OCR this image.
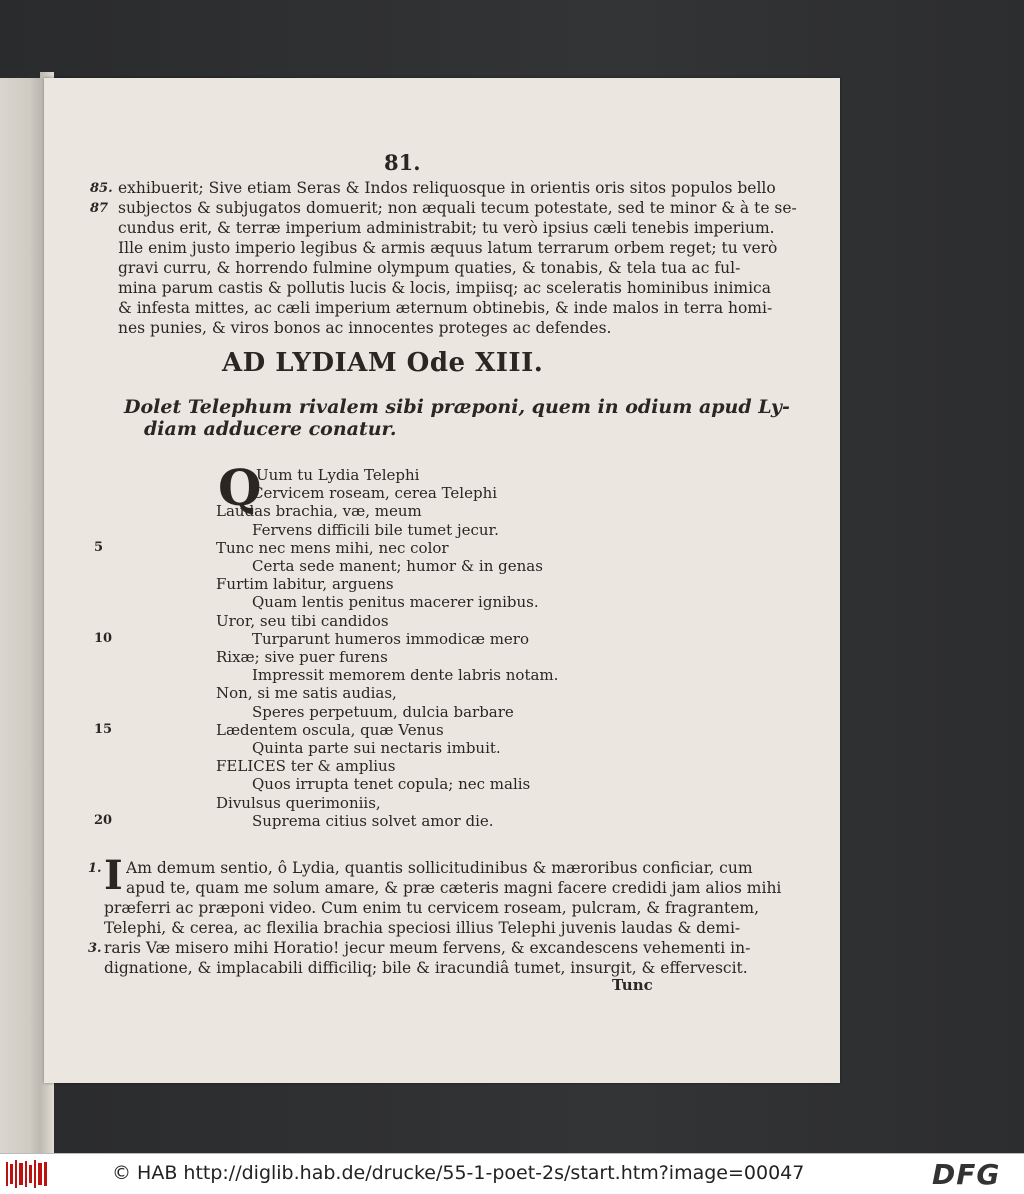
81.
85. exhibuerit; Sive etiam Seras & Indos reliquosque in orientis oris sitos populos bello
87 subjectos & subjugatos domuerit; non æquali tecum potestate, sed te minor & à te se-
cundus erit, & terræ imperium administrabit; tu verò ipsius cæli tenebis imperium.
Ille enim justo imperio legibus & armis æquus latum terrarum orbem reget; tu verò
gravi curru, & horrendo fulmine olympum quaties, & tonabis, & tela tua ac ful-
mina parum castis & pollutis lucis & locis, impiisq; ac sceleratis hominibus inimica
& infesta mittes, ac cæli imperium æternum obtinebis, & inde malos in terra homi-
nes punies, & viros bonos ac innocentes proteges ac defendes.
AD LYDIAM Ode XIII.
Dolet Telephum rivalem sibi præponi, quem in odium apud Ly-
diam adducere conatur.
Q
Uum tu Lydia Telephi
Cervicem roseam, cerea Telephi
Laudas brachia, væ, meum
Fervens difficili bile tumet jecur.
5	Tunc nec mens mihi, nec color
Certa sede manent; humor & in genas
Furtim labitur, arguens
Quam lentis penitus macerer ignibus.
Uror, seu tibi candidos
10	Turparunt humeros immodicæ mero
Rixæ; sive puer furens
Impressit memorem dente labris notam.
Non, si me satis audias,
Speres perpetuum, dulcia barbare
15	Lædentem oscula, quæ Venus
Quinta parte sui nectaris imbuit.
FELICES ter & amplius
Quos irrupta tenet copula; nec malis
Divulsus querimoniis,
20	Suprema citius solvet amor die.
I
1. Am demum sentio, ô Lydia, quantis sollicitudinibus & mæroribus conficiar, cum
apud te, quam me solum amare, & præ cæteris magni facere credidi jam alios mihi
præferri ac præponi video. Cum enim tu cervicem roseam, pulcram, & fragrantem,
Telephi, & cerea, ac flexilia brachia speciosi illius Telephi juvenis laudas & demi-
3. raris Væ misero mihi Horatio! jecur meum fervens, & excandescens vehementi in-
dignatione, & implacabili difficiliq; bile & iracundiâ tumet, insurgit, & effervescit.
Tunc
© HAB http://diglib.hab.de/drucke/55-1-poet-2s/start.htm?image=00047	DFG
